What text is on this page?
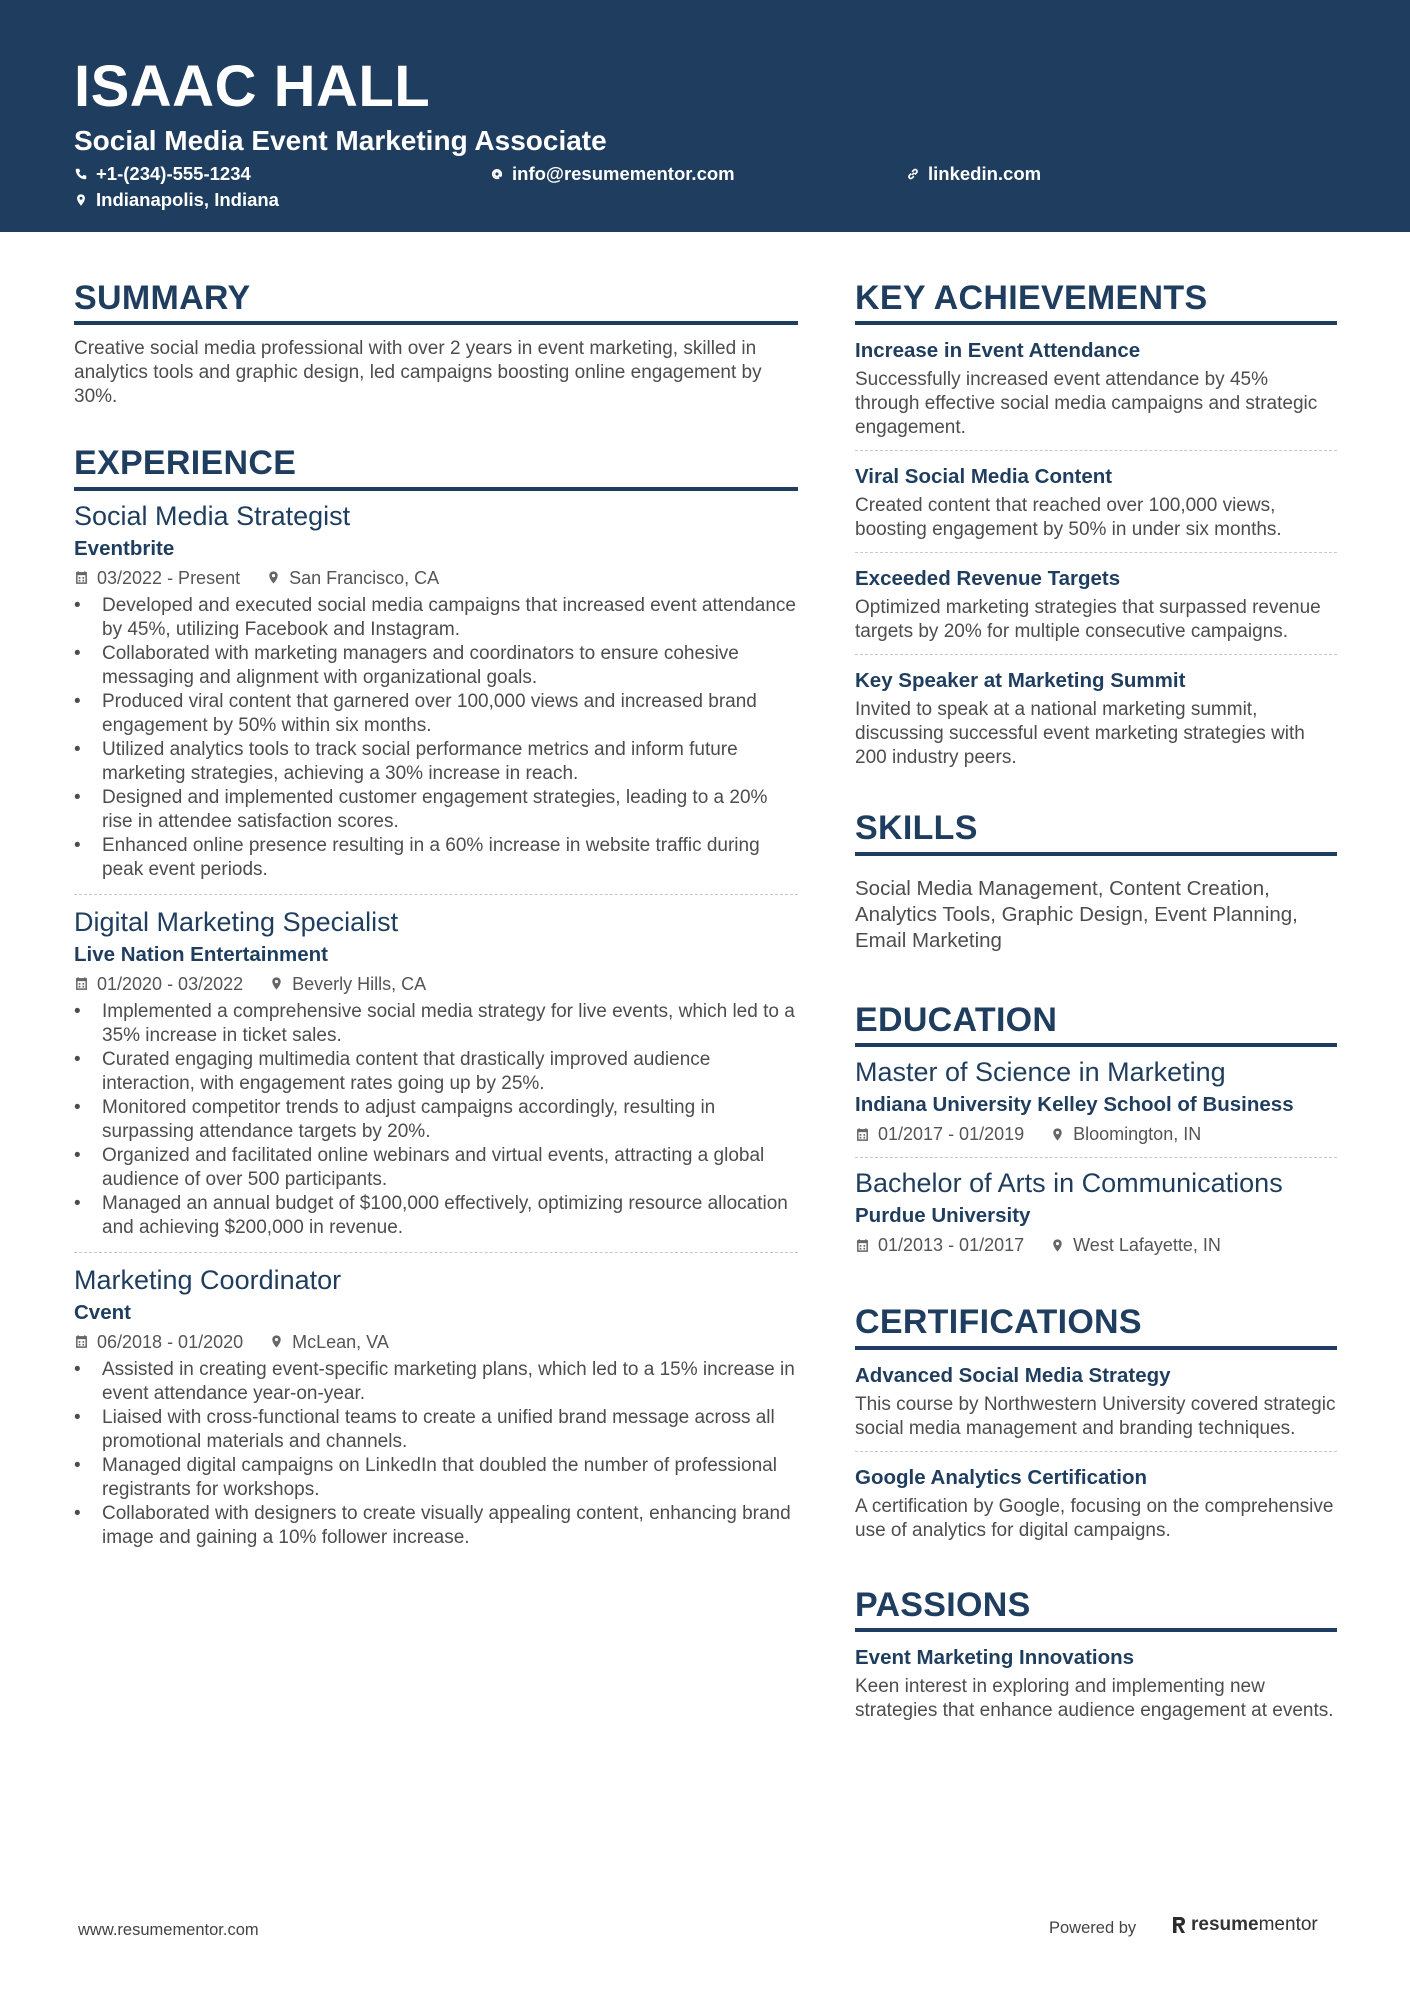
ISAAC HALL
Social Media Event Marketing Associate
+1-(234)-555-1234	info@resumementor.com	linkedin.com
Indianapolis, Indiana
SUMMARY

Creative social media professional with over 2 years in event marketing, skilled in analytics tools and graphic design, led campaigns boosting online engagement by 30%.

EXPERIENCE
Social Media Strategist
Eventbrite
03/2022 - Present	San Francisco, CA
• Developed and executed social media campaigns that increased event attendance by 45%, utilizing Facebook and Instagram.
• Collaborated with marketing managers and coordinators to ensure cohesive messaging and alignment with organizational goals.
• Produced viral content that garnered over 100,000 views and increased brand engagement by 50% within six months.
• Utilized analytics tools to track social performance metrics and inform future marketing strategies, achieving a 30% increase in reach.
• Designed and implemented customer engagement strategies, leading to a 20% rise in attendee satisfaction scores.
• Enhanced online presence resulting in a 60% increase in website traffic during peak event periods.
Digital Marketing Specialist
Live Nation Entertainment
01/2020 - 03/2022	Beverly Hills, CA
• Implemented a comprehensive social media strategy for live events, which led to a 35% increase in ticket sales.
• Curated engaging multimedia content that drastically improved audience interaction, with engagement rates going up by 25%.
• Monitored competitor trends to adjust campaigns accordingly, resulting in surpassing attendance targets by 20%.
• Organized and facilitated online webinars and virtual events, attracting a global audience of over 500 participants.
• Managed an annual budget of $100,000 effectively, optimizing resource allocation and achieving $200,000 in revenue.
Marketing Coordinator
Cvent
06/2018 - 01/2020	McLean, VA
• Assisted in creating event-specific marketing plans, which led to a 15% increase in event attendance year-on-year.
• Liaised with cross-functional teams to create a unified brand message across all promotional materials and channels.
• Managed digital campaigns on LinkedIn that doubled the number of professional registrants for workshops.
• Collaborated with designers to create visually appealing content, enhancing brand image and gaining a 10% follower increase.
KEY ACHIEVEMENTS
Increase in Event Attendance
Successfully increased event attendance by 45% through effective social media campaigns and strategic engagement.
Viral Social Media Content
Created content that reached over 100,000 views, boosting engagement by 50% in under six months.
Exceeded Revenue Targets
Optimized marketing strategies that surpassed revenue targets by 20% for multiple consecutive campaigns.
Key Speaker at Marketing Summit
Invited to speak at a national marketing summit, discussing successful event marketing strategies with 200 industry peers.
SKILLS

Social Media Management, Content Creation, Analytics Tools, Graphic Design, Event Planning, Email Marketing

EDUCATION
Master of Science in Marketing
Indiana University Kelley School of Business
01/2017 - 01/2019	Bloomington, IN
Bachelor of Arts in Communications
Purdue University
01/2013 - 01/2017	West Lafayette, IN
CERTIFICATIONS
Advanced Social Media Strategy
This course by Northwestern University covered strategic social media management and branding techniques.
Google Analytics Certification
A certification by Google, focusing on the comprehensive use of analytics for digital campaigns.
PASSIONS
Event Marketing Innovations
Keen interest in exploring and implementing new strategies that enhance audience engagement at events.
www.resumementor.com	Powered by	resume mentor
